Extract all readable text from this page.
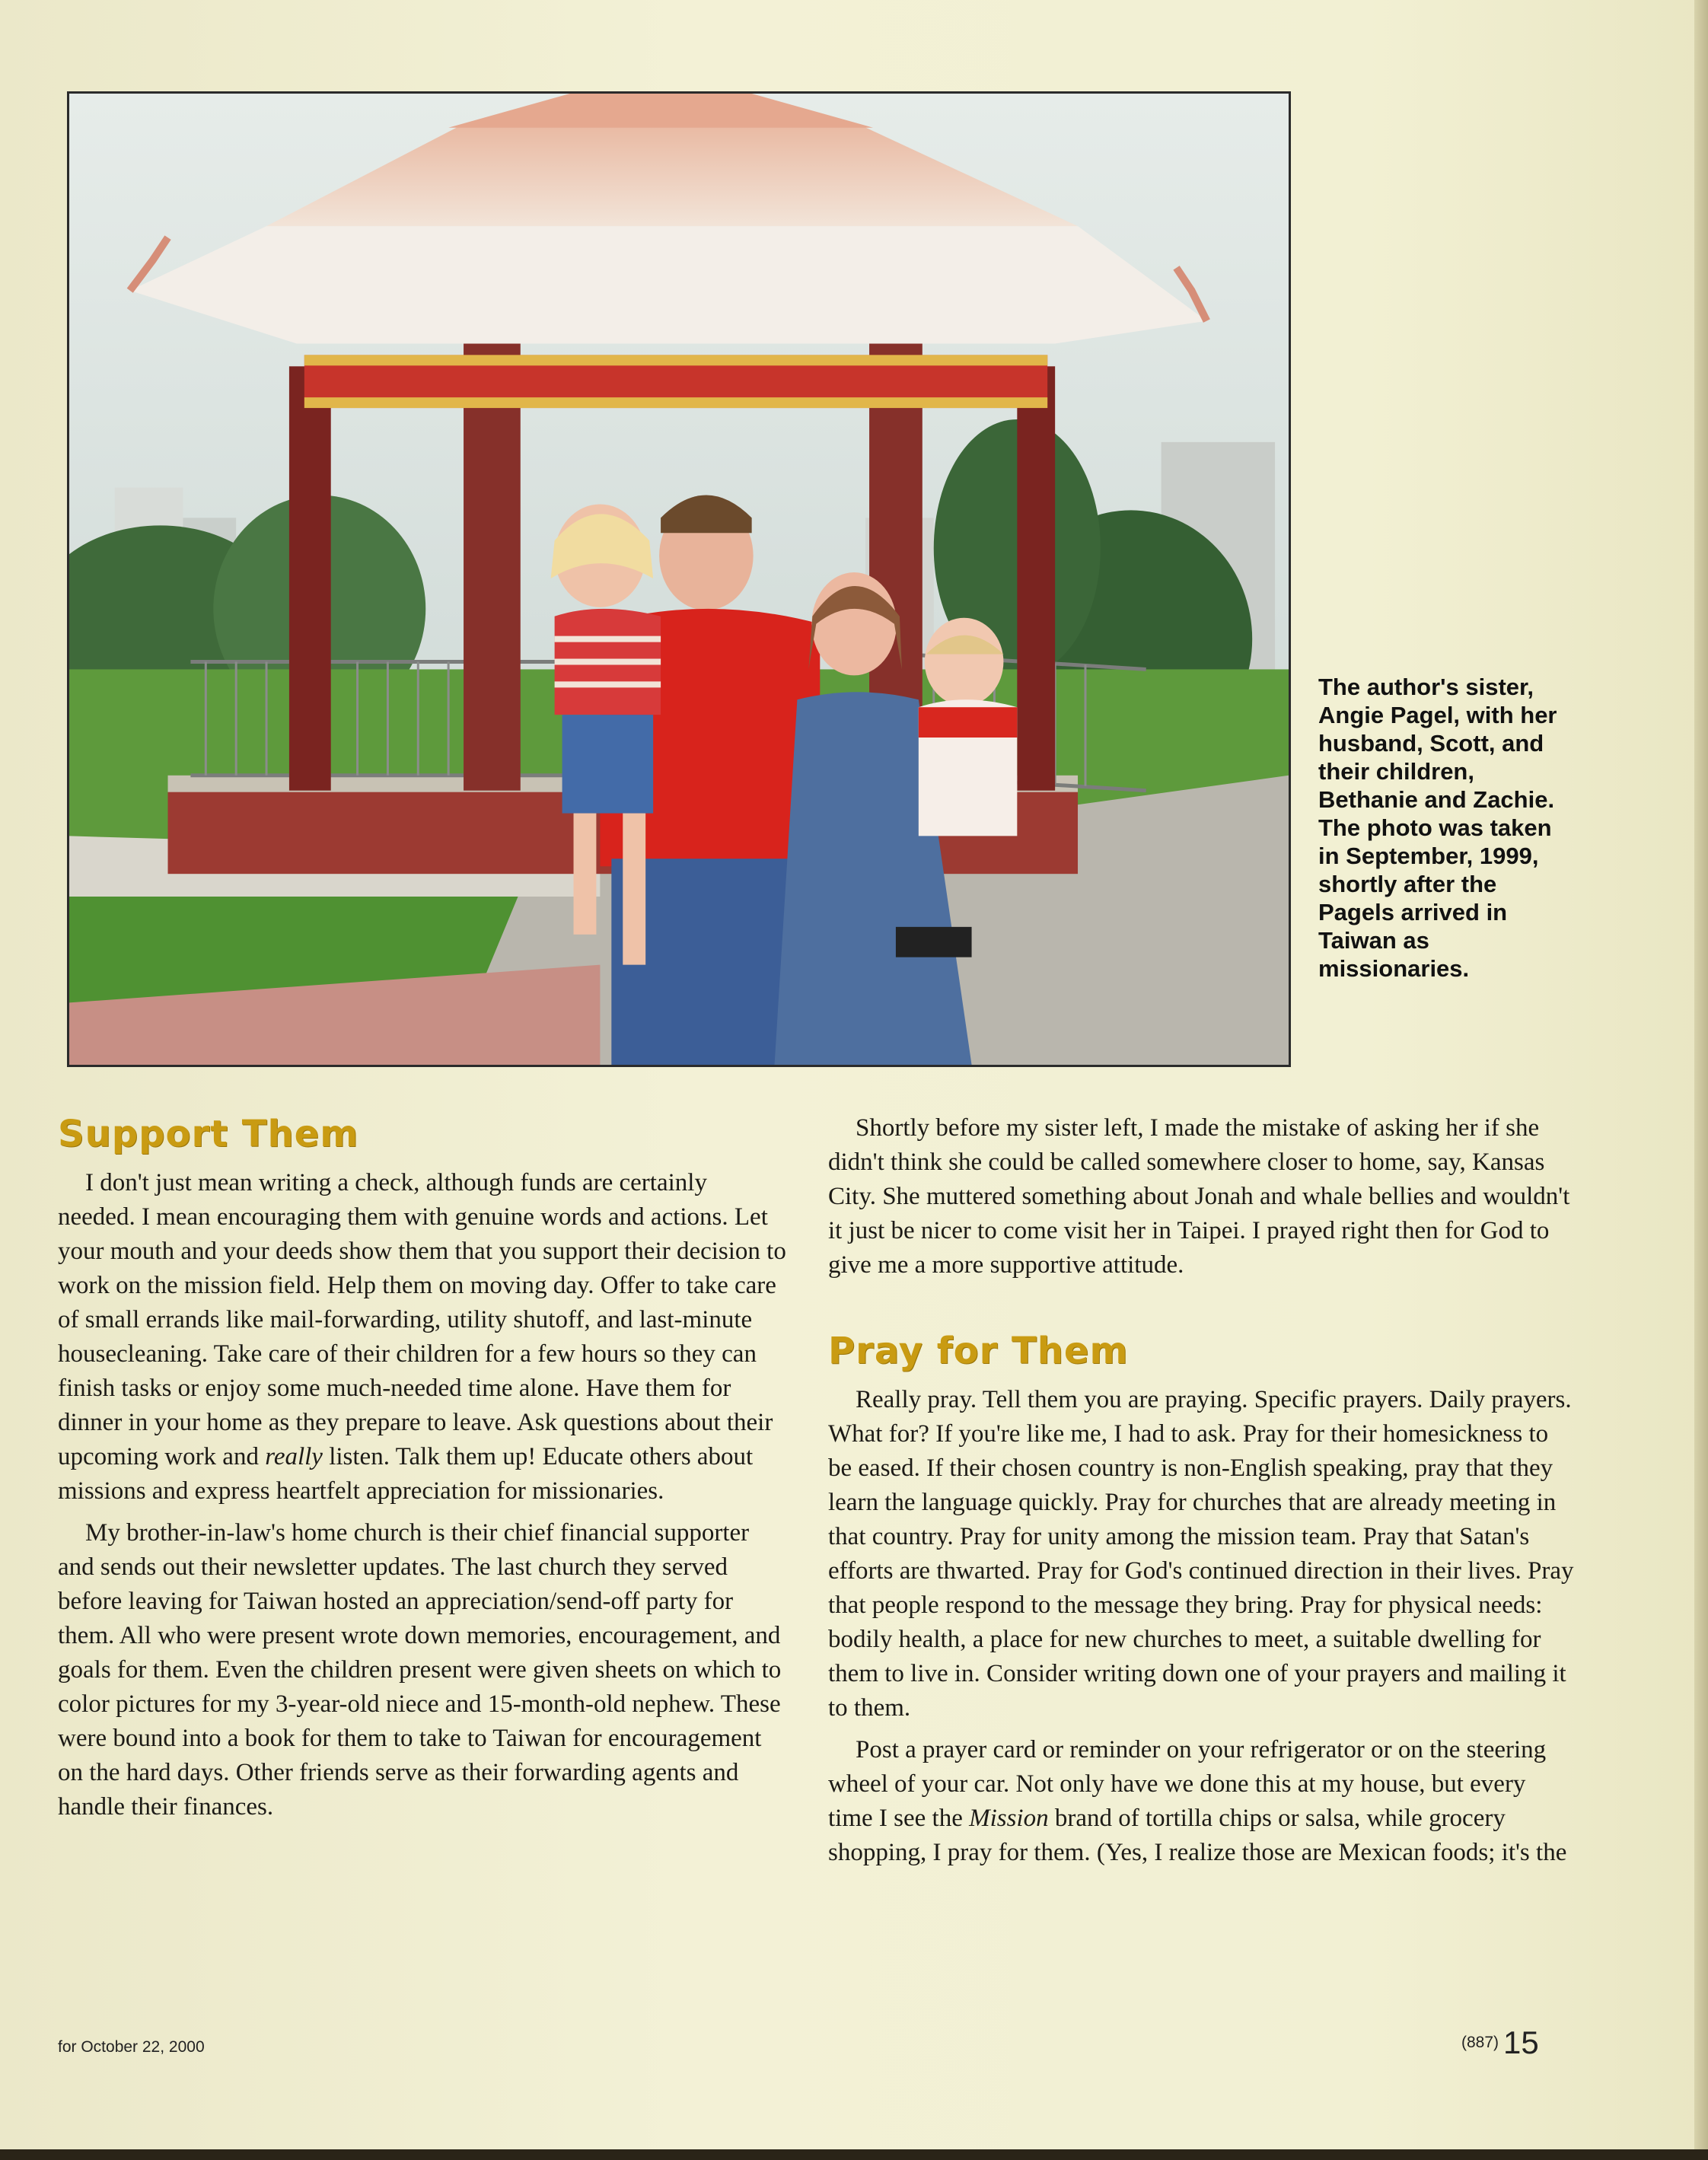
The author's sister, Angie Pagel, with her husband, Scott, and their children, Bethanie and Zachie. The photo was taken in September, 1999, shortly after the Pagels arrived in Taiwan as missionaries.
Support Them

I don't just mean writing a check, although funds are certainly needed. I mean encouraging them with genuine words and actions. Let your mouth and your deeds show them that you support their decision to work on the mission field. Help them on moving day. Offer to take care of small errands like mail-forwarding, utility shutoff, and last-minute housecleaning. Take care of their children for a few hours so they can finish tasks or enjoy some much-needed time alone. Have them for dinner in your home as they prepare to leave. Ask questions about their upcoming work and really listen. Talk them up! Educate others about missions and express heartfelt appreciation for missionaries.

My brother-in-law's home church is their chief financial supporter and sends out their newsletter updates. The last church they served before leaving for Taiwan hosted an appreciation/send-off party for them. All who were present wrote down memories, encouragement, and goals for them. Even the children present were given sheets on which to color pictures for my 3-year-old niece and 15-month-old nephew. These were bound into a book for them to take to Taiwan for encouragement on the hard days. Other friends serve as their forwarding agents and handle their finances.

Shortly before my sister left, I made the mistake of asking her if she didn't think she could be called somewhere closer to home, say, Kansas City. She muttered something about Jonah and whale bellies and wouldn't it just be nicer to come visit her in Taipei. I prayed right then for God to give me a more supportive attitude.

Pray for Them

Really pray. Tell them you are praying. Specific prayers. Daily prayers. What for? If you're like me, I had to ask. Pray for their homesickness to be eased. If their chosen country is non-English speaking, pray that they learn the language quickly. Pray for churches that are already meeting in that country. Pray for unity among the mission team. Pray that Satan's efforts are thwarted. Pray for God's continued direction in their lives. Pray that people respond to the message they bring. Pray for physical needs: bodily health, a place for new churches to meet, a suitable dwelling for them to live in. Consider writing down one of your prayers and mailing it to them.

Post a prayer card or reminder on your refrigerator or on the steering wheel of your car. Not only have we done this at my house, but every time I see the Mission brand of tortilla chips or salsa, while grocery shopping, I pray for them. (Yes, I realize those are Mexican foods; it's the

for October 22, 2000	(887) 15
